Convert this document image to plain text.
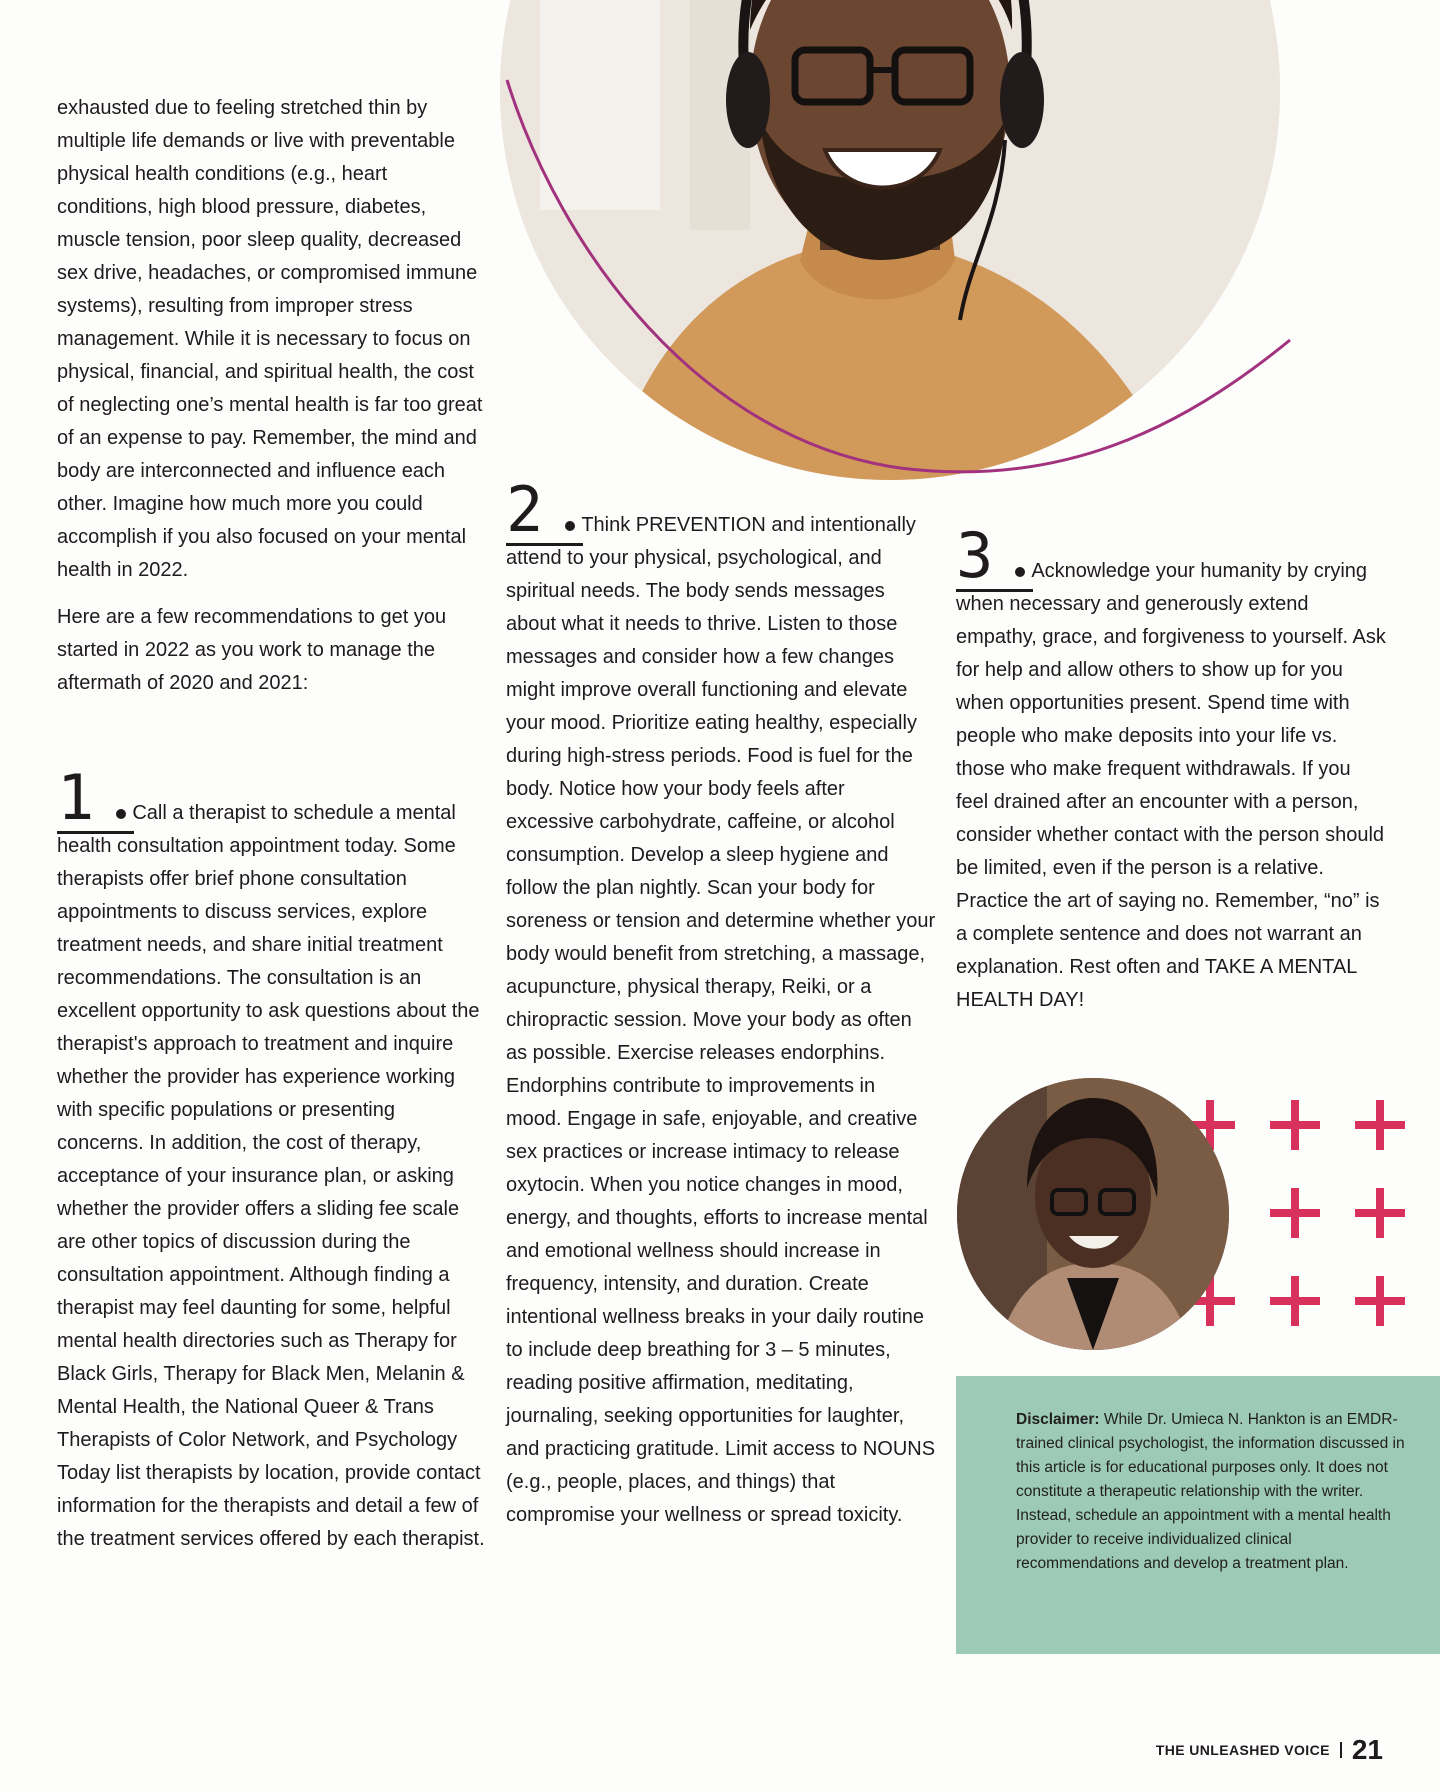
exhausted due to feeling stretched thin by multiple life demands or live with preventable physical health conditions (e.g., heart conditions, high blood pressure, diabetes, muscle tension, poor sleep quality, decreased sex drive, headaches, or compromised immune systems), resulting from improper stress management. While it is necessary to focus on physical, financial, and spiritual health, the cost of neglecting one’s mental health is far too great of an expense to pay. Remember, the mind and body are interconnected and influence each other. Imagine how much more you could accomplish if you also focused on your mental health in 2022.

Here are a few recommendations to get you started in 2022 as you work to manage the aftermath of 2020 and 2021:

1 Call a therapist to schedule a mental health consultation appointment today. Some therapists offer brief phone consultation appointments to discuss services, explore treatment needs, and share initial treatment recommendations. The consultation is an excellent opportunity to ask questions about the therapist's approach to treatment and inquire whether the provider has experience working with specific populations or presenting concerns. In addition, the cost of therapy, acceptance of your insurance plan, or asking whether the provider offers a sliding fee scale are other topics of discussion during the consultation appointment. Although finding a therapist may feel daunting for some, helpful mental health directories such as Therapy for Black Girls, Therapy for Black Men, Melanin & Mental Health, the National Queer & Trans Therapists of Color Network, and Psychology Today list therapists by location, provide contact information for the therapists and detail a few of the treatment services offered by each therapist.

2 Think PREVENTION and intentionally attend to your physical, psychological, and spiritual needs. The body sends messages about what it needs to thrive. Listen to those messages and consider how a few changes might improve overall functioning and elevate your mood. Prioritize eating healthy, especially during high-stress periods. Food is fuel for the body. Notice how your body feels after excessive carbohydrate, caffeine, or alcohol consumption. Develop a sleep hygiene and follow the plan nightly. Scan your body for soreness or tension and determine whether your body would benefit from stretching, a massage, acupuncture, physical therapy, Reiki, or a chiropractic session. Move your body as often as possible. Exercise releases endorphins. Endorphins contribute to improvements in mood. Engage in safe, enjoyable, and creative sex practices or increase intimacy to release oxytocin. When you notice changes in mood, energy, and thoughts, efforts to increase mental and emotional wellness should increase in frequency, intensity, and duration. Create intentional wellness breaks in your daily routine to include deep breathing for 3 – 5 minutes, reading positive affirmation, meditating, journaling, seeking opportunities for laughter, and practicing gratitude. Limit access to NOUNS (e.g., people, places, and things) that compromise your wellness or spread toxicity.

3 Acknowledge your humanity by crying when necessary and generously extend empathy, grace, and forgiveness to yourself. Ask for help and allow others to show up for you when opportunities present. Spend time with people who make deposits into your life vs. those who make frequent withdrawals. If you feel drained after an encounter with a person, consider whether contact with the person should be limited, even if the person is a relative. Practice the art of saying no. Remember, “no” is a complete sentence and does not warrant an explanation. Rest often and TAKE A MENTAL HEALTH DAY!

Disclaimer: While Dr. Umieca N. Hankton is an EMDR-trained clinical psychologist, the information discussed in this article is for educational purposes only. It does not constitute a therapeutic relationship with the writer. Instead, schedule an appointment with a mental health provider to receive individualized clinical recommendations and develop a treatment plan.
THE UNLEASHED VOICE 21
